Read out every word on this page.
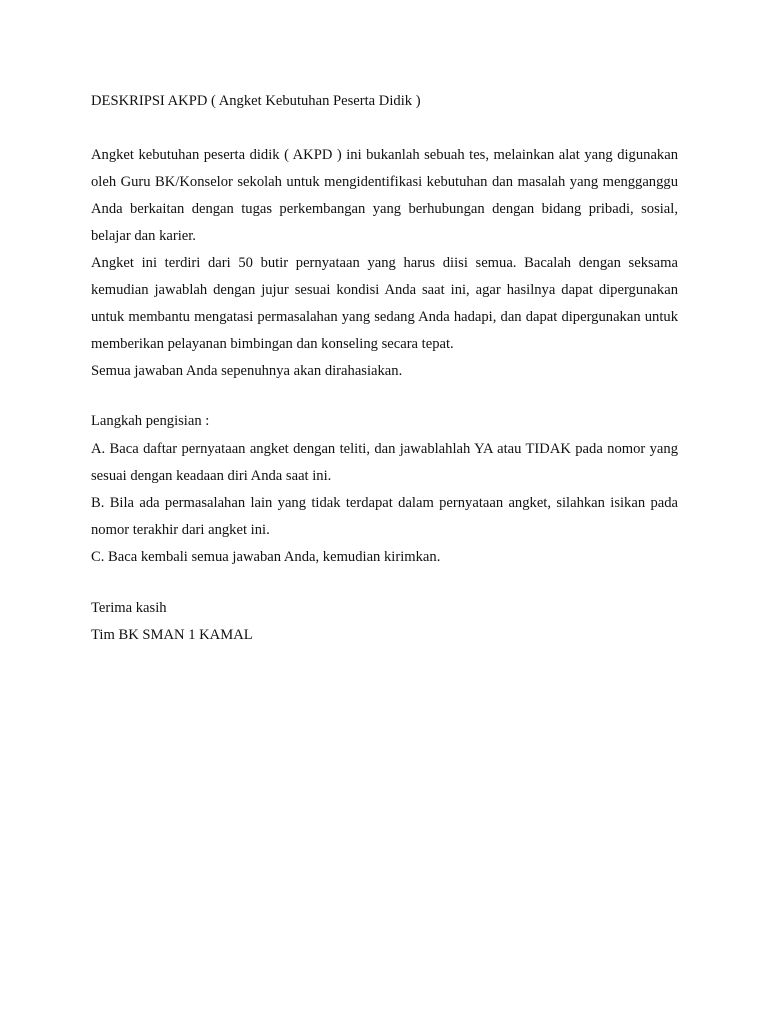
DESKRIPSI AKPD ( Angket Kebutuhan Peserta Didik )
Angket kebutuhan peserta didik ( AKPD ) ini bukanlah sebuah tes, melainkan alat yang digunakan oleh Guru BK/Konselor sekolah untuk mengidentifikasi kebutuhan dan masalah yang mengganggu Anda berkaitan dengan tugas perkembangan yang berhubungan dengan bidang pribadi, sosial, belajar dan karier.
Angket ini terdiri dari 50 butir pernyataan yang harus diisi semua. Bacalah dengan seksama kemudian jawablah dengan jujur sesuai kondisi Anda saat ini, agar hasilnya dapat dipergunakan untuk membantu mengatasi permasalahan yang sedang Anda hadapi, dan dapat dipergunakan untuk memberikan pelayanan bimbingan dan konseling secara tepat.
Semua jawaban Anda sepenuhnya akan dirahasiakan.
Langkah pengisian :
A. Baca daftar pernyataan angket dengan teliti, dan jawablahlah YA atau TIDAK pada nomor yang sesuai dengan keadaan diri Anda saat ini.
B. Bila ada permasalahan lain yang tidak terdapat dalam pernyataan angket, silahkan isikan pada nomor terakhir dari angket ini.
C. Baca kembali semua jawaban Anda, kemudian kirimkan.
Terima kasih
Tim BK SMAN 1 KAMAL
